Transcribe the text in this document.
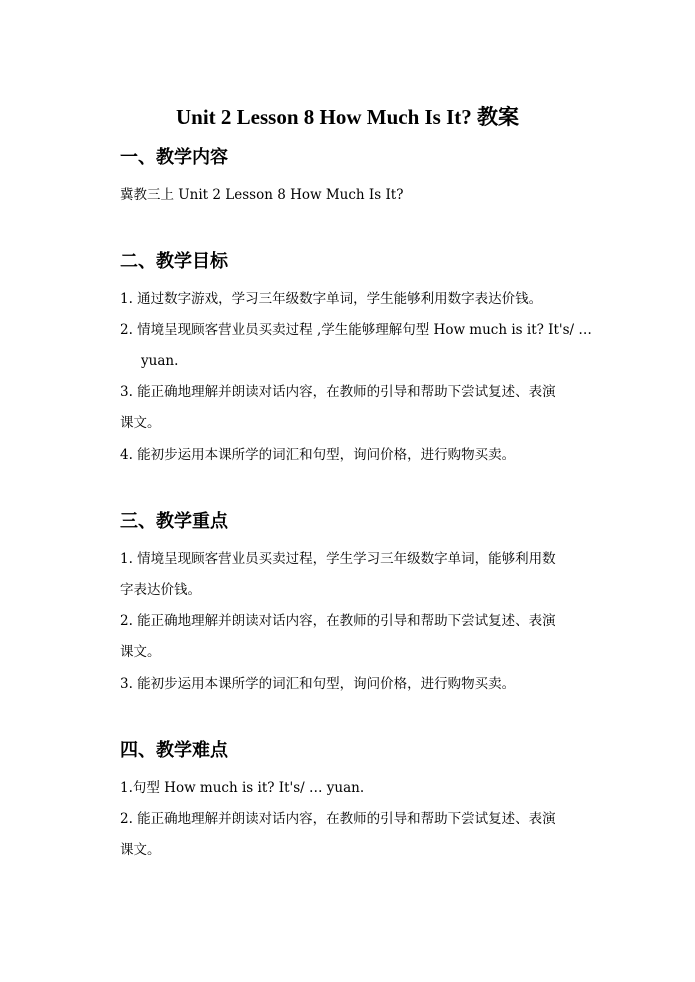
Unit 2 Lesson 8 How Much Is It? 教案
一、教学内容
冀教三上 Unit 2 Lesson 8 How Much Is It?
二、教学目标
1. 通过数字游戏，学习三年级数字单词，学生能够利用数字表达价钱。
2. 情境呈现顾客营业员买卖过程 ,学生能够理解句型 How much is it? It's/ …
yuan.
3. 能正确地理解并朗读对话内容，在教师的引导和帮助下尝试复述、表演
课文。
4. 能初步运用本课所学的词汇和句型，询问价格，进行购物买卖。
三、教学重点
1. 情境呈现顾客营业员买卖过程，学生学习三年级数字单词，能够利用数
字表达价钱。
2. 能正确地理解并朗读对话内容，在教师的引导和帮助下尝试复述、表演
课文。
3. 能初步运用本课所学的词汇和句型，询问价格，进行购物买卖。
四、教学难点
1.句型 How much is it? It's/ … yuan.
2. 能正确地理解并朗读对话内容，在教师的引导和帮助下尝试复述、表演
课文。
